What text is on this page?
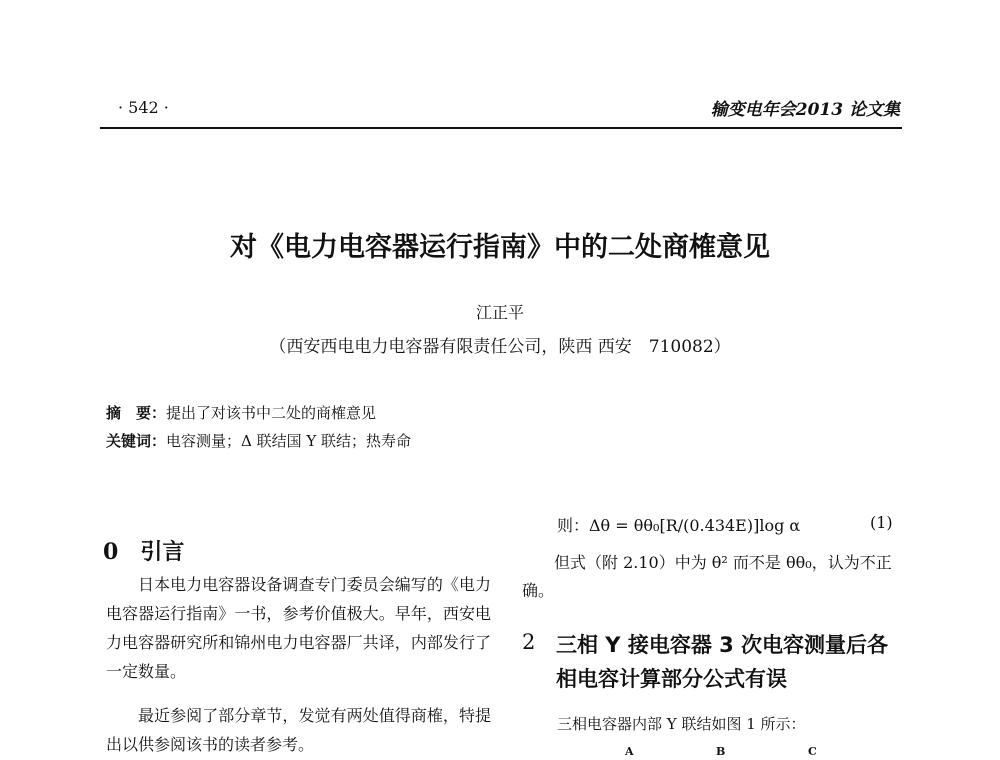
· 542 ·	输变电年会2013 论文集
对《电力电容器运行指南》中的二处商榷意见
江正平
（西安西电电力电容器有限责任公司，陕西 西安　710082）
摘　要：提出了对该书中二处的商榷意见
关键词：电容测量；Δ 联结国 Y 联结；热寿命
0 引言
日本电力电容器设备调查专门委员会编写的《电力电容器运行指南》一书，参考价值极大。早年，西安电力电容器研究所和锦州电力电容器厂共译，内部发行了一定数量。
最近参阅了部分章节，发觉有两处值得商榷，特提出以供参阅该书的读者参考。
则：Δθ = θθ₀[R/(0.434E)]log α	(1)
但式（附 2.10）中为 θ² 而不是 θθ₀，认为不正确。
2 三相 Y 接电容器 3 次电容测量后各相电容计算部分公式有误
三相电容器内部 Y 联结如图 1 所示：
A	B	C
